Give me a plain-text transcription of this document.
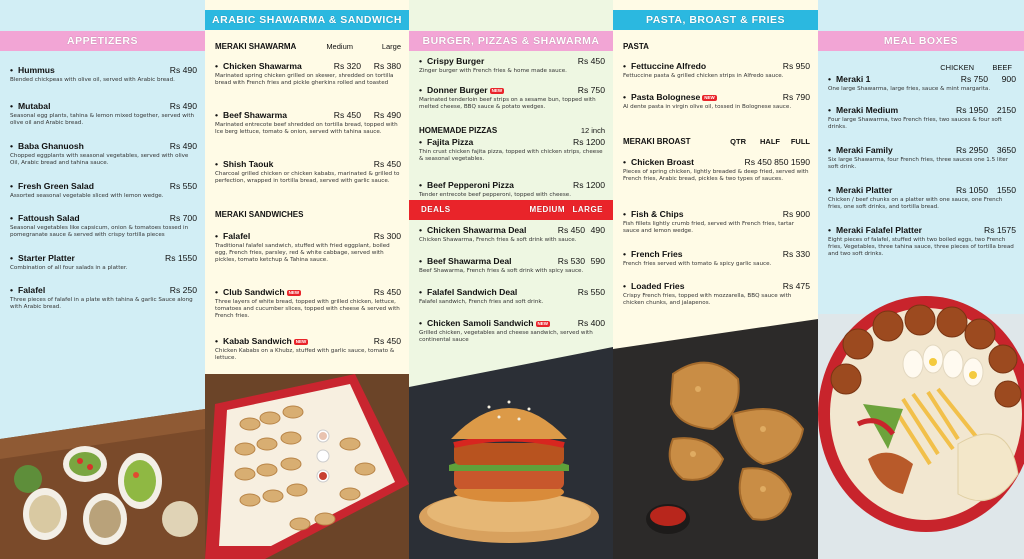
APPETIZERS
• Hummus	Rs 490
Blended chickpeas with olive oil, served with Arabic bread.
• Mutabal	Rs 490
Seasonal egg plants, tahina & lemon mixed together, served with olive oil and Arabic bread.
• Baba Ghanuosh	Rs 490
Chopped eggplants with seasonal vegetables, served with olive Oil, Arabic bread and tahina sauce.
• Fresh Green Salad	Rs 550
Assorted seasonal vegetable sliced with lemon wedge.
• Fattoush Salad	Rs 700
Seasonal vegetables like capsicum, onion & tomatoes tossed in pomegranate sauce & served with crispy tortilla pieces
• Starter Platter	Rs 1550
Combination of all four salads in a platter.
• Falafel	Rs 250
Three pieces of falafel in a plate with tahina & garlic Sauce along with Arabic bread.
ARABIC SHAWARMA & SANDWICH
MERAKI SHAWARMA	Medium	Large
• Chicken Shawarma	Rs 320 Rs 380
Marinated spring chicken grilled on skewer, shredded on tortilla bread with French fries and pickle gherkins rolled and toasted
• Beef Shawarma	Rs 450 Rs 490
Marinated entrecote beef shredded on tortilla bread, topped with Ice berg lettuce, tomato & onion, served with tahina sauce.
• Shish Taouk	Rs 450
Charcoal grilled chicken or chicken kababs, marinated & grilled to perfection, wrapped in tortilla bread, served with garlic sauce.
MERAKI SANDWICHES
• Falafel	Rs 300
Traditional falafel sandwich, stuffed with fried eggplant, boiled egg, French fries, parsley, red & white cabbage, served with pickles, tomato ketchup & Tahina sauce.
• Club Sandwich NEW	Rs 450
Three layers of white bread, topped with grilled chicken, lettuce, tomatoes and cucumber slices, topped with cheese & served with French fries.
• Kabab Sandwich NEW	Rs 450
Chicken Kababs on a Khubz, stuffed with garlic sauce, tomato & lettuce.
BURGER, PIZZAS & SHAWARMA
• Crispy Burger	Rs 450
Zinger burger with French fries & home made sauce.
• Donner Burger NEW	Rs 750
Marinated tenderloin beef strips on a sesame bun, topped with melted cheese, BBQ sauce & potato wedges.
HOMEMADE PIZZAS	12 inch
• Fajita Pizza	Rs 1200
Thin crust chicken fajita pizza, topped with chicken strips, cheese & seasonal vegetables.
• Beef Pepperoni Pizza	Rs 1200
Tender entrecote beef pepperoni, topped with cheese.
DEALS	MEDIUM LARGE
• Chicken Shawarma Deal	Rs 450 490
Chicken Shawarma, French fries & soft drink with sauce.
• Beef Shawarma Deal	Rs 530 590
Beef Shawarma, French fries & soft drink with spicy sauce.
• Falafel Sandwich Deal	Rs 550
Falafel sandwich, French fries and soft drink.
• Chicken Samoli Sandwich NEW	Rs 400
Grilled chicken, vegetables and cheese sandwich, served with continental sauce
PASTA, BROAST & FRIES
PASTA
• Fettuccine Alfredo	Rs 950
Fettuccine pasta & grilled chicken strips in Alfredo sauce.
• Pasta Bolognese NEW	Rs 790
Al dente pasta in virgin olive oil, tossed in Bolognese sauce.
MERAKI BROAST	QTR HALF FULL
• Chicken Broast	Rs 450 850 1590
Pieces of spring chicken, lightly breaded & deep fried, served with French fries, Arabic bread, pickles & two types of sauces.
• Fish & Chips	Rs 900
Fish fillets lightly crumb fried, served with French fries, tartar sauce and lemon wedge.
• French Fries	Rs 330
French fries served with tomato & spicy garlic sauce.
• Loaded Fries	Rs 475
Crispy French fries, topped with mozzarella, BBQ sauce with chicken chunks, and jalapenos.
MEAL BOXES
CHICKEN BEEF
• Meraki 1	Rs 750 900
One large Shawarma, large fries, sauce & mint margarita.
• Meraki Medium	Rs 1950 2150
Four large Shawarma, two French fries, two sauces & four soft drinks.
• Meraki Family	Rs 2950 3650
Six large Shawarma, four French fries, three sauces one 1.5 liter soft drink.
• Meraki Platter	Rs 1050 1550
Chicken / beef chunks on a platter with one sauce, one French fries, one soft drinks, and tortilla bread.
• Meraki Falafel Platter	Rs 1575
Eight pieces of falafel, stuffed with two boiled eggs, two French fries, Vegetables, three tahina sauce, three pieces of tortilla bread and two soft drinks.
